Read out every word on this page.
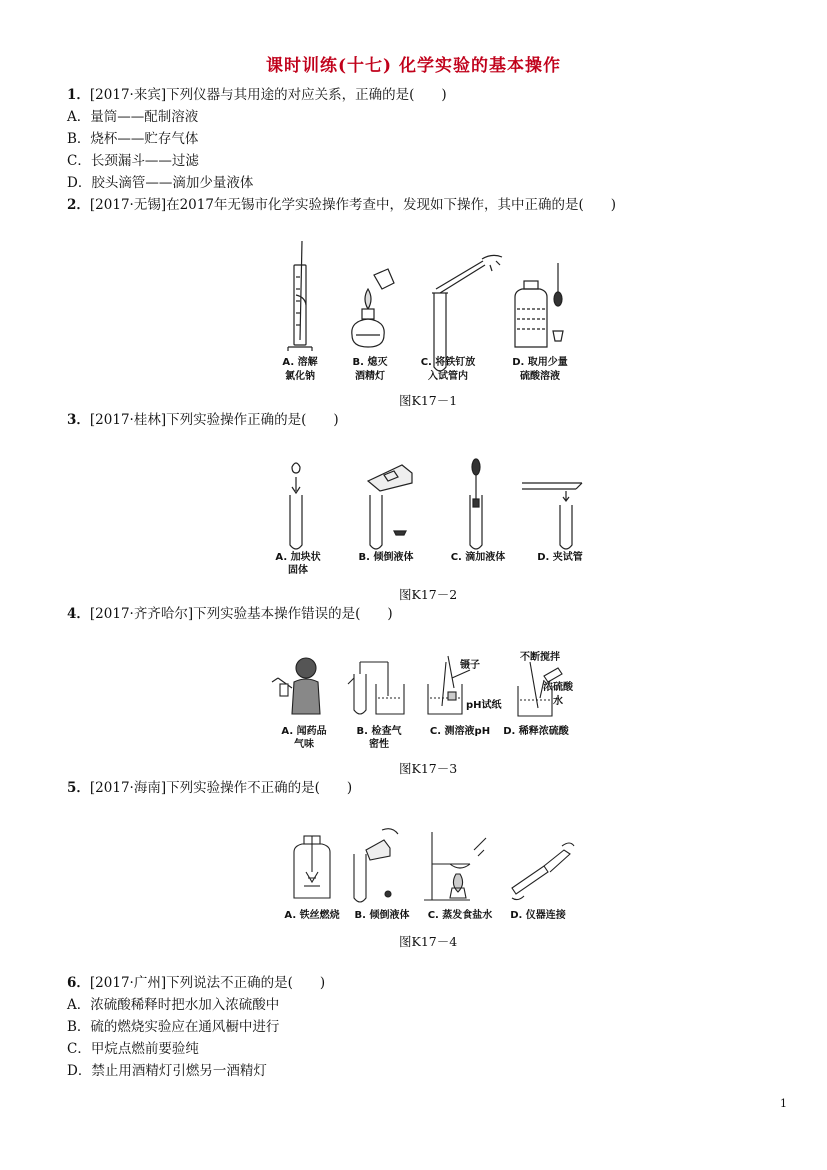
课时训练(十七) 化学实验的基本操作
1．[2017·来宾]下列仪器与其用途的对应关系，正确的是(　　)
A．量筒——配制溶液
B．烧杯——贮存气体
C．长颈漏斗——过滤
D．胶头滴管——滴加少量液体
2．[2017·无锡]在2017年无锡市化学实验操作考查中，发现如下操作，其中正确的是(　　)
A. 溶解
氯化钠
B. 熄灭
酒精灯
C. 将铁钉放
入试管内
D. 取用少量
硫酸溶液
图K17－1
3．[2017·桂林]下列实验操作正确的是(　　)
A. 加块状
固体
B. 倾倒液体	C. 滴加液体	D. 夹试管
图K17－2
4．[2017·齐齐哈尔]下列实验基本操作错误的是(　　)
镊子
pH试纸
不断搅拌
浓硫酸
水
A. 闻药品
气味
B. 检查气
密性
C. 测溶液pH D. 稀释浓硫酸
图K17－3
5．[2017·海南]下列实验操作不正确的是(　　)
A. 铁丝燃烧 B. 倾倒液体 C. 蒸发食盐水 D. 仪器连接
图K17－4
6．[2017·广州]下列说法不正确的是(　　)
A．浓硫酸稀释时把水加入浓硫酸中
B．硫的燃烧实验应在通风橱中进行
C．甲烷点燃前要验纯
D．禁止用酒精灯引燃另一酒精灯
1
